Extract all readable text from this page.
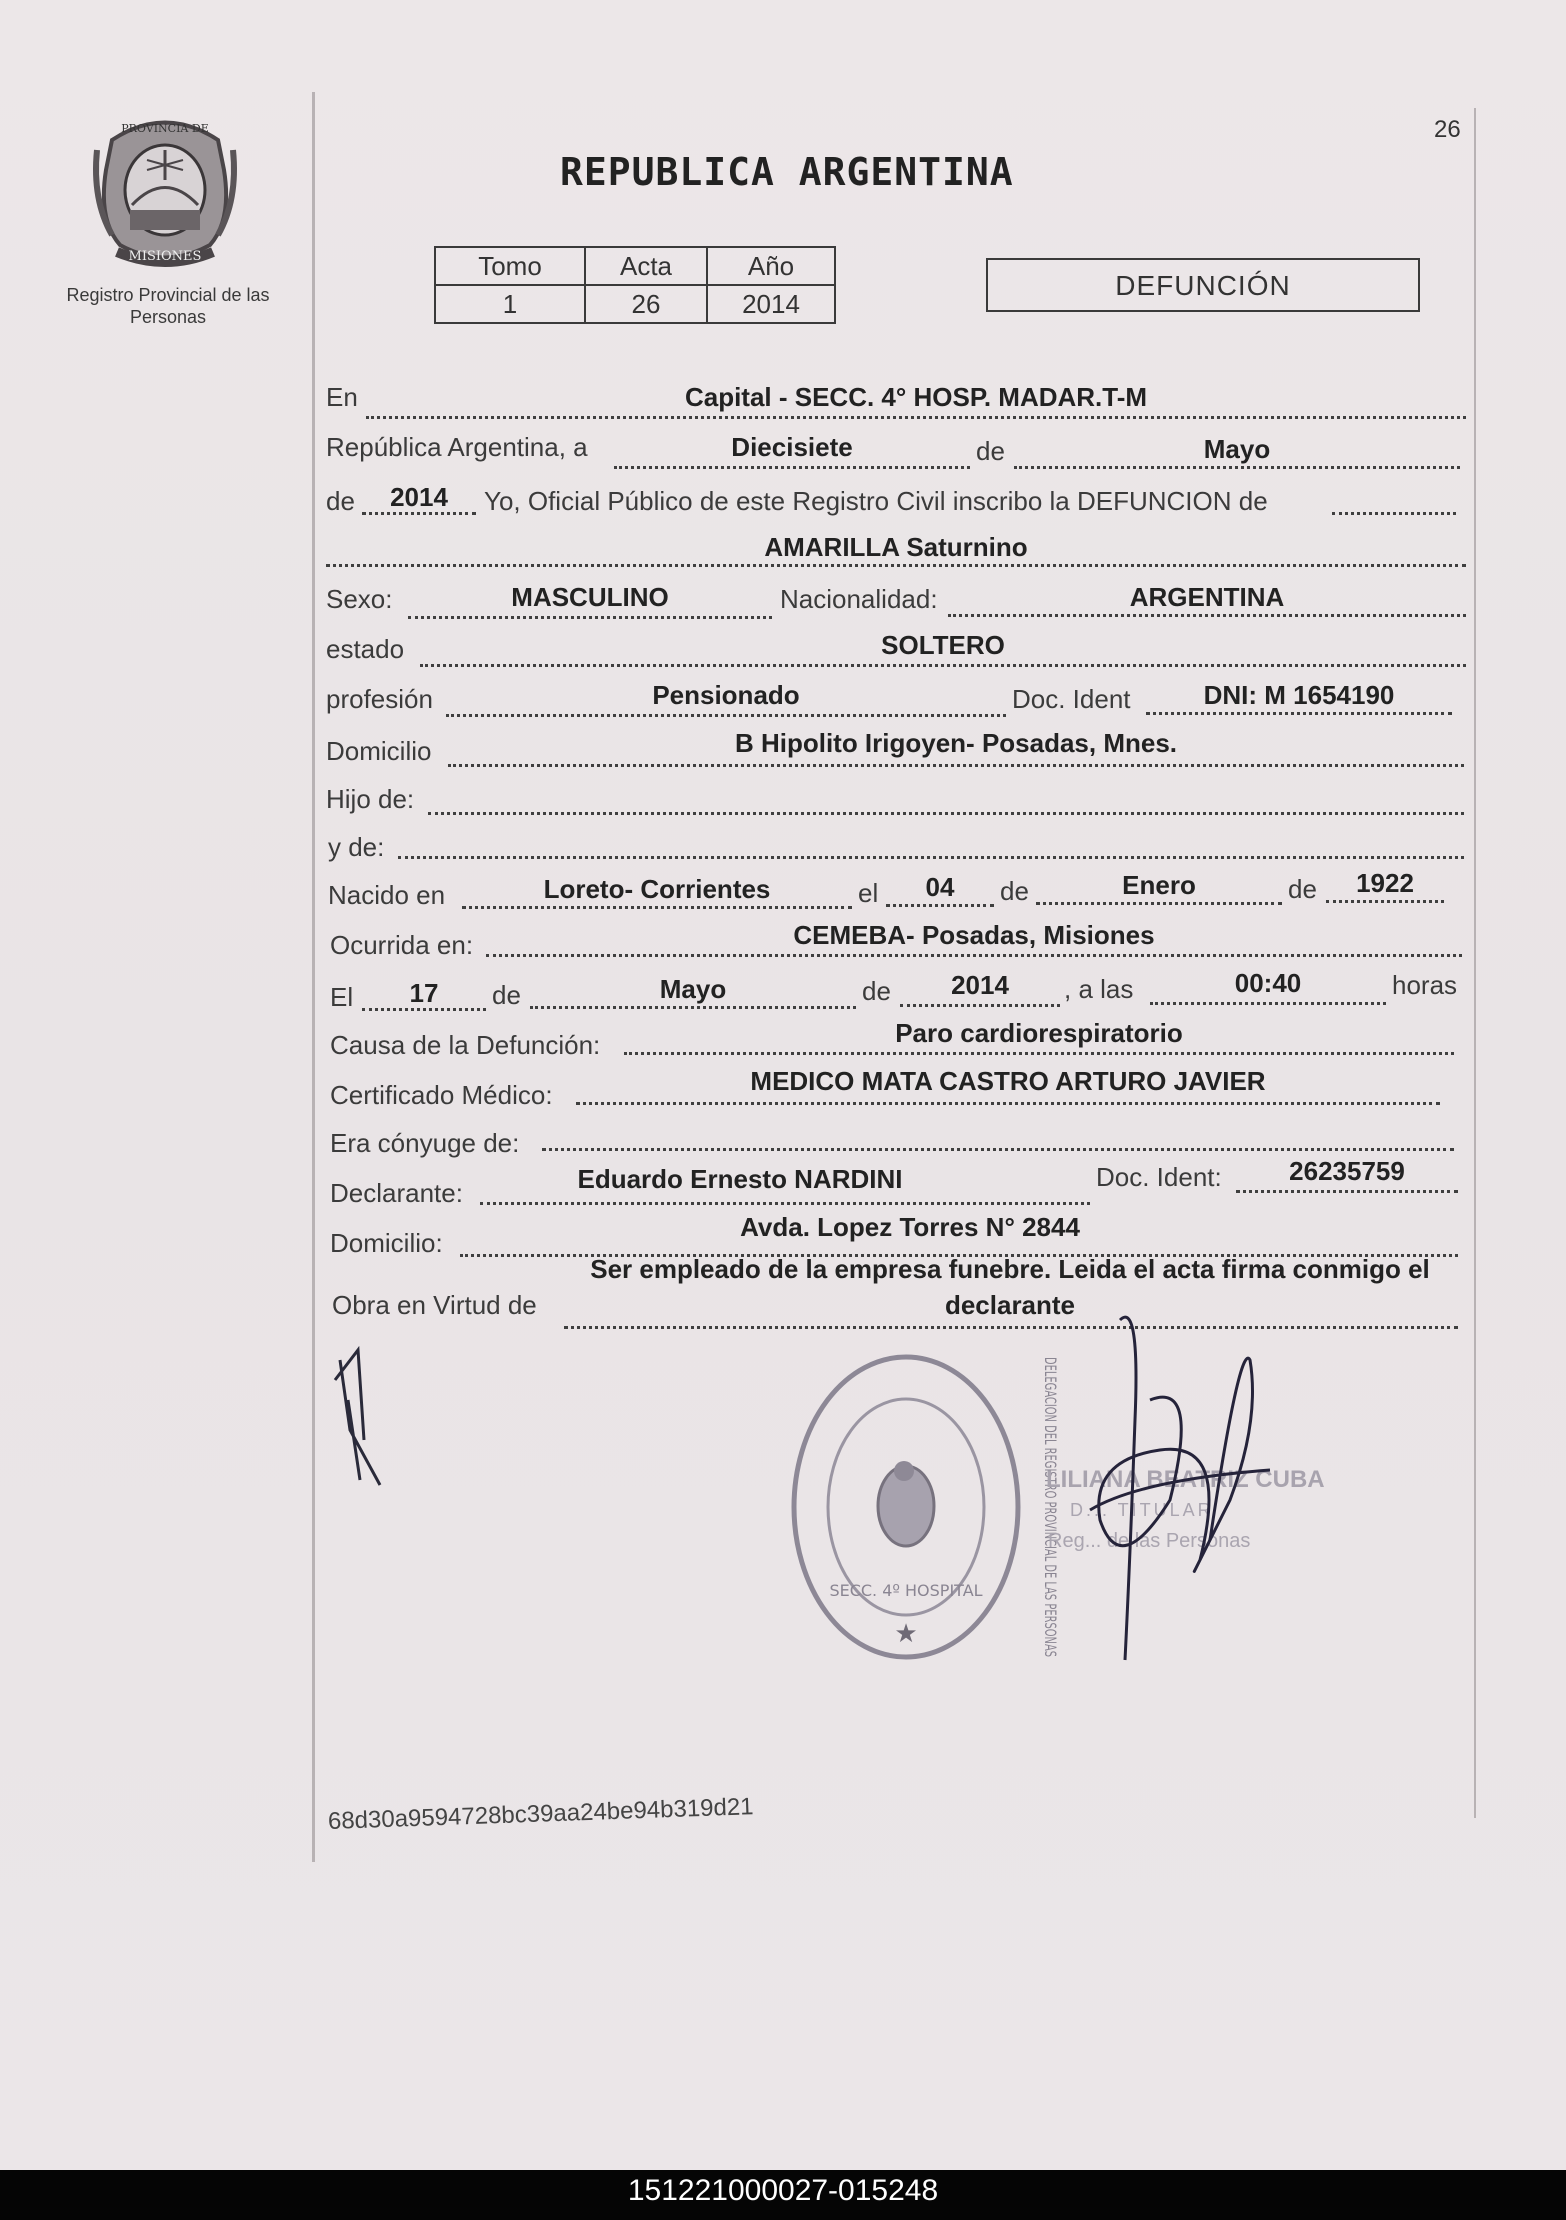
MISIONES
PROVINCIA DE
Registro Provincial de las Personas
26
REPUBLICA ARGENTINA
Tomo	Acta	Año
1	26	2014
DEFUNCIÓN
En	Capital - SECC. 4° HOSP. MADAR.T-M
República Argentina, a	Diecisiete	de	Mayo
de	2014	Yo, Oficial Público de este Registro Civil inscribo la DEFUNCION de
AMARILLA Saturnino
Sexo:	MASCULINO	Nacionalidad:	ARGENTINA
estado	SOLTERO
profesión	Pensionado	Doc. Ident	DNI: M 1654190
Domicilio	B Hipolito Irigoyen- Posadas, Mnes.
Hijo de:
y de:
Nacido en	Loreto- Corrientes	el	04	de	Enero	de	1922
Ocurrida en:	CEMEBA- Posadas, Misiones
El	17	de	Mayo	de	2014	, a las	00:40	horas
Causa de la Defunción:	Paro cardiorespiratorio
Certificado Médico:	MEDICO MATA CASTRO ARTURO JAVIER
Era cónyuge de:
Declarante:	Eduardo Ernesto NARDINI	Doc. Ident:	26235759
Domicilio:
Avda. Lopez Torres N° 2844
Obra en Virtud de
Ser empleado de la empresa funebre. Leida el acta firma conmigo el
declarante
★	DELEGACION DEL REGISTRO PROVINCIAL DE LAS PERSONAS
SECC. 4º HOSPITAL
LILIANA BEATRIZ CUBA
D... TITULAR
Reg... de las Personas
68d30a9594728bc39aa24be94b319d21
151221000027-015248
